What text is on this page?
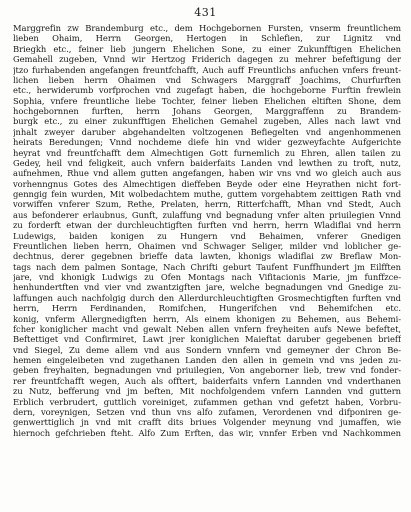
431
Marggrefin zw Brandemburg etc., dem Hochgebornen Fursten, vnserm freuntlichem
lieben Ohaim, Herrn Georgen, Hertogen in Schlefien, zur Lignitz vnd
Briegkh etc., feiner lieb jungern Ehelichen Sone, zu einer Zukunfftigen Ehelichen
Gemahell zugeben, Vnnd wir Hertzog Friderich dagegen zu mehrer befeftigung der
jtzo furhabenden angefangen freuntfchafft, Auch auff Freuntlichs anfuchen vnfers freunt-
lichen lieben herrn Ohaimen vnd Schwagers Marggraff Joachims, Churfurften
etc., herwiderumb vorfprochen vnd zugefagt haben, die hochgeborne Furftin frewlein
Sophia, vnfere freuntliche liebe Tochter, feiner lieben Ehelichen eltiften Shone, dem
hochgebornnen furften, herrn Johans Georgen, Marggraffenn zu Brandem-
burgk etc., zu einer zukunfftigen Ehelichen Gemahel zugeben, Alles nach lawt vnd
jnhalt zweyer daruber abgehandelten voltzogenen Befiegelten vnd angenhommenen
heirats Beredungen; Vnnd nochdeme diefe hin vnd wider gezweyfachte Aufgerichte
heyrat vnd freuntfchafft dem Almechtigen Gott furnemlich zu Ehren, allen tailen zu
Gedey, heil vnd feligkeit, auch vnfern baiderfaits Landen vnd lewthen zu troft, nutz,
aufnehmen, Rhue vnd allem gutten angefangen, haben wir vns vnd wo gleich auch aus
vorhenngnus Gotes des Almechtigen dieffeben Beyde oder eine Heyrathen nicht fort-
genngig fein wurden, Mit wolbedachtem muthe, guttem vorgehabtem zeittigen Rath vnd
vorwiffen vnferer Szum, Rethe, Prelaten, herrn, Ritterfchafft, Mhan vnd Stedt, Auch
aus befonderer erlaubnus, Gunft, zulaffung vnd begnadung vnfer alten priuilegien Vnnd
zu forderft etwan der durchleuchtigften furften vnd herrn, herrn Wladiflai vnd herrn
Ludewigs, baiden konigen zu Hungern vnd Behaimen, vnferer Gnedigen
Freuntlichen lieben herrn, Ohaimen vnd Schwager Seliger, milder vnd loblicher ge-
dechtnus, derer gegebnen brieffe data lawten, khonigs wladiflai zw Breflaw Mon-
tags nach dem palmen Sontage, Nach Chrifti geburt Taufent Funffhundert jm Eilfften
jare, vnd khonigk Ludwigs zu Ofen Montags nach Vifitacionis Marie, jm funffzce-
henhundertften vnd vier vnd zwantzigften jare, welche begnadungen vnd Gnedige zu-
laffungen auch nachfolgig durch den Allerdurchleuchtigften Grosmechtigften furften vnd
herrn, Herrn Ferdinanden, Romifchen, Hungerifchen vnd Behemifchen etc.
konig, vnferm Allergnedigften herrn, Als einem khonigen zu Behemen, aus Behemi-
fcher koniglicher macht vnd gewalt Neben allen vnfern freyheiten aufs Newe befeftet,
Beftettiget vnd Confirmiret, Lawt jrer koniglichen Maieftat daruber gegebenen brieff
vnd Siegel, Zu deme allem vnd aus Sondern vnnfern vnd gemeyner der Chron Be-
hemen eingeleibeten vnd zugethanen Landen den allen in gemein vnd vns jeden zu-
geben freyhaiten, begnadungen vnd priuilegien, Von angeborner lieb, trew vnd fonder-
rer freuntfchafft wegen, Auch als offtert, baiderfaits vnfern Lannden vnd vnderthanen
zu Nutz, befferung vnd jm beften, Mit nochfolgendem vnfern Lannden vnd guttern
Erblich verbrudert, guttlich voreiniget, zufammen gethan vnd gefetzt haben, Vorbru-
dern, voreynigen, Setzen vnd thun vns alfo zufamen, Verordenen vnd difponiren ge-
genwerttiglich jn vnd mit crafft dits briues Volgender meynung vnd jumaffen, wie
hiernoch gefchrieben fteht. Alfo Zum Erften, das wir, vnnfer Erben vnd Nachkommen
